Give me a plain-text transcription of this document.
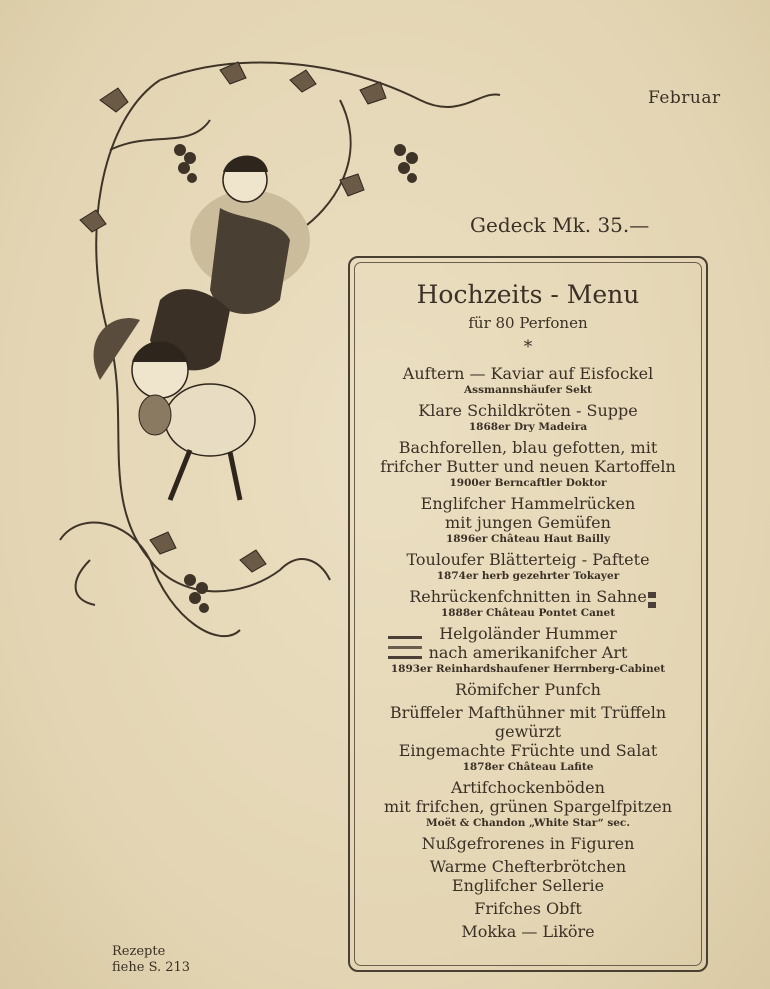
Februar
Gedeck Mk. 35.—
Hochzeits - Menu
für 80 Perfonen
*
Auftern — Kaviar auf Eisfockel
Assmannshäufer Sekt
Klare Schildkröten - Suppe
1868er Dry Madeira
Bachforellen, blau gefotten, mit
frifcher Butter und neuen Kartoffeln
1900er Berncaftler Doktor
Englifcher Hammelrücken
mit jungen Gemüfen
1896er Château Haut Bailly
Touloufer Blätterteig - Paftete
1874er herb gezehrter Tokayer
Rehrückenfchnitten in Sahne
1888er Château Pontet Canet
Helgoländer Hummer
nach amerikanifcher Art
1893er Reinhardshaufener Herrnberg-Cabinet
Römifcher Punfch
Brüffeler Mafthühner mit Trüffeln
gewürzt
Eingemachte Früchte und Salat
1878er Château Lafite
Artifchockenböden
mit frifchen, grünen Spargelfpitzen
Moët & Chandon „White Star“ sec.
Nußgefrorenes in Figuren
Warme Chefterbrötchen
Englifcher Sellerie
Frifches Obft
Mokka — Liköre
Rezepte
fiehe S. 213
